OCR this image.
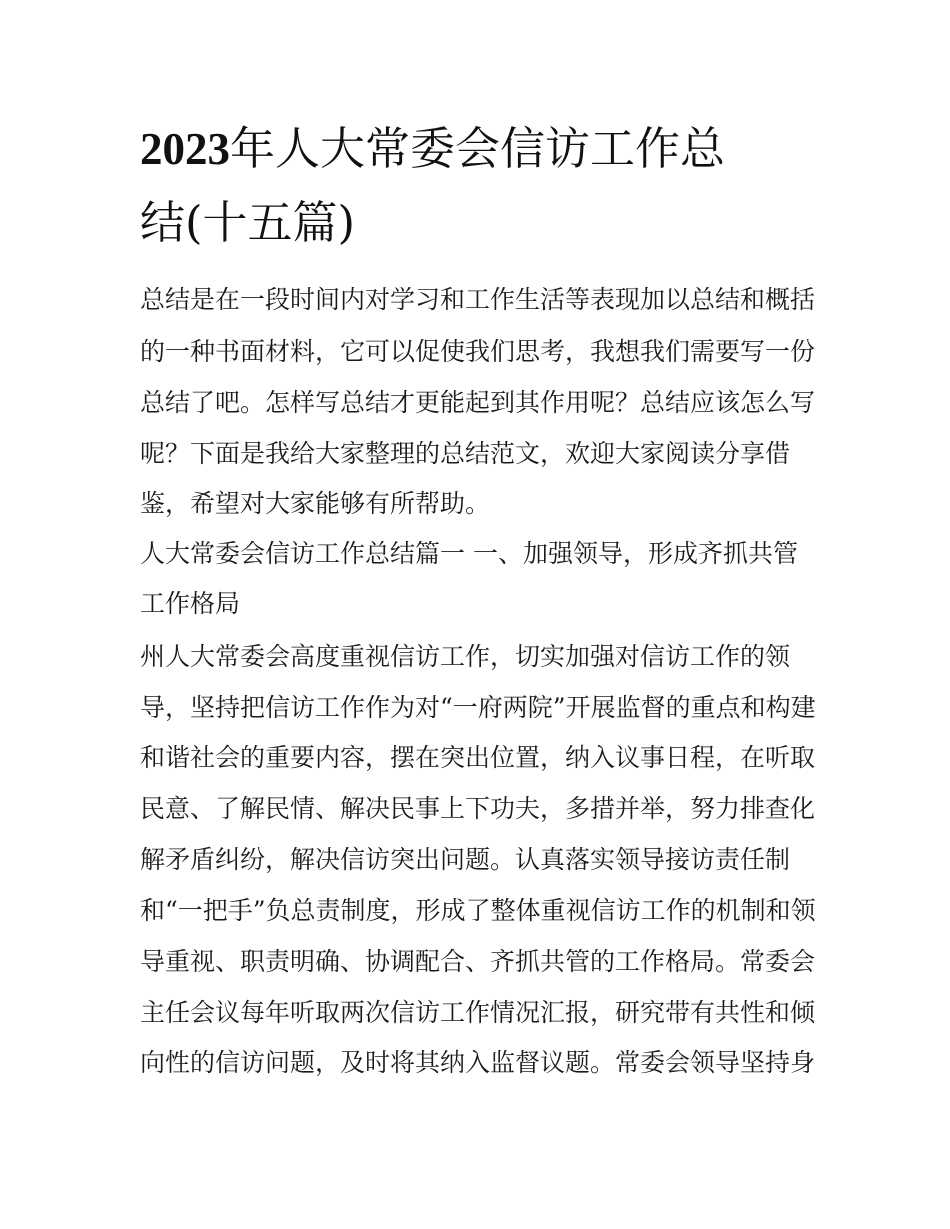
2023年人大常委会信访工作总
结(十五篇)

总结是在一段时间内对学习和工作生活等表现加以总结和概括

的一种书面材料，它可以促使我们思考，我想我们需要写一份

总结了吧。怎样写总结才更能起到其作用呢？总结应该怎么写

呢？下面是我给大家整理的总结范文，欢迎大家阅读分享借

鉴，希望对大家能够有所帮助。

人大常委会信访工作总结篇一 一、加强领导，形成齐抓共管

工作格局

州人大常委会高度重视信访工作，切实加强对信访工作的领

导，坚持把信访工作作为对“一府两院”开展监督的重点和构建

和谐社会的重要内容，摆在突出位置，纳入议事日程，在听取

民意、了解民情、解决民事上下功夫，多措并举，努力排查化

解矛盾纠纷，解决信访突出问题。认真落实领导接访责任制

和“一把手”负总责制度，形成了整体重视信访工作的机制和领

导重视、职责明确、协调配合、齐抓共管的工作格局。常委会

主任会议每年听取两次信访工作情况汇报，研究带有共性和倾

向性的信访问题，及时将其纳入监督议题。常委会领导坚持身
